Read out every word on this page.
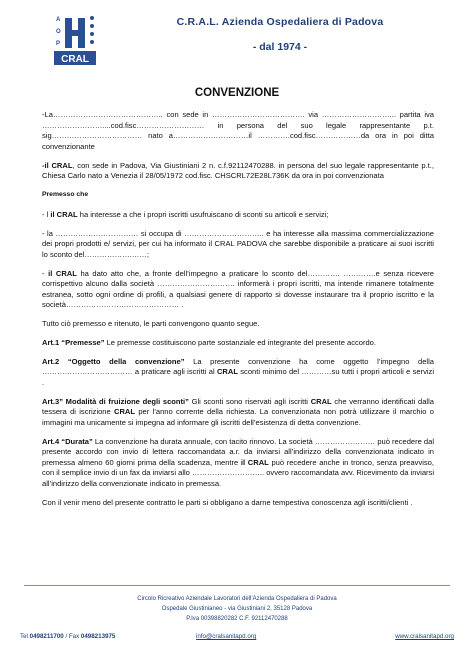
A
O
P
CRAL
C.R.A.L. Azienda Ospedaliera di Padova
- dal 1974 -
CONVENZIONE

-La…………………………………….. con sede in ………………………………. via ………………………... partita iva ……………………....cod.fisc……………………… in persona del suo legale rappresentante p.t. sig……………………………… nato a…………………………il ………….cod.fisc………………da ora in poi ditta convenzionante

-il CRAL, con sede in Padova, Via Giustiniani 2 n. c.f.92112470288. in persona del suo legale rappresentante p.t., Chiesa Carlo nato a Venezia il 28/05/1972 cod.fisc. CHSCRL72E28L736K da ora in poi convenzionata

Premesso che

- l il CRAL ha interesse a che i propri iscritti usufruiscano di sconti su articoli e servizi;

- la …………………………… si occupa di ………………………….. e ha interesse alla massima commercializzazione dei propri prodotti e/ servizi, per cui ha informato il CRAL PADOVA che sarebbe disponibile a praticare ai suoi iscritti lo sconto del……………….……;

- il CRAL ha dato atto che, a fronte dell’impegno a praticare lo sconto del…………. ………….e senza ricevere corrispettivo alcuno dalla società …………………………. informerà i propri iscritti, ma intende rimanere totalmente estranea, sotto ogni ordine di profili, a qualsiasi genere di rapporto si dovesse instaurare tra il proprio iscritto e la società……………………………………… .

Tutto ciò premesso e ritenuto, le parti convengono quanto segue.

Art.1 “Premesse” Le premesse costituiscono parte sostanziale ed integrante del presente accordo.

Art.2 “Oggetto della convenzione” La presente convenzione ha come oggetto l’impegno della ……………………………… a praticare agli iscritti al CRAL sconti minimo del …………su tutti i propri articoli e servizi .

Art.3” Modalità di fruizione degli sconti” Gli sconti sono riservati agli iscritti CRAL che verranno identificati dalla tessera di iscrizione CRAL per l’anno corrente della richiesta. La convenzionata non potrà utilizzare il marchio o immagini ma unicamente si impegna ad informare gli iscritti dell’esistenza di detta convenzione.

Art.4 “Durata” La convenzione ha durata annuale, con tacito rinnovo. La società …………………… può recedere dal presente accordo con invio di lettera raccomandata a.r. da inviarsi all’indirizzo della convenzionata indicato in premessa almeno 60 giorni prima della scadenza, mentre il CRAL può recedere anche in tronco, senza preavviso, con il semplice invio di un fax da inviarsi allo ……………………….. ovvero raccomandata avv. Ricevimento da inviarsi all’indirizzo della convenzionate indicato in premessa.

Con il venir meno del presente contratto le parti si obbligano a darne tempestiva conoscenza agli iscritti/clienti .

Circolo Ricreativo Aziendale Lavoratori dell’Azienda Ospedaliera di Padova
Ospedale Giustinianeo - via Giustiniani 2, 35128 Padova
P.Iva 00398820282 C.F. 92112470288
Tel 0498211700 / Fax 0498213975	info@cralsanitapd.org	www.cralsanitapd.org
